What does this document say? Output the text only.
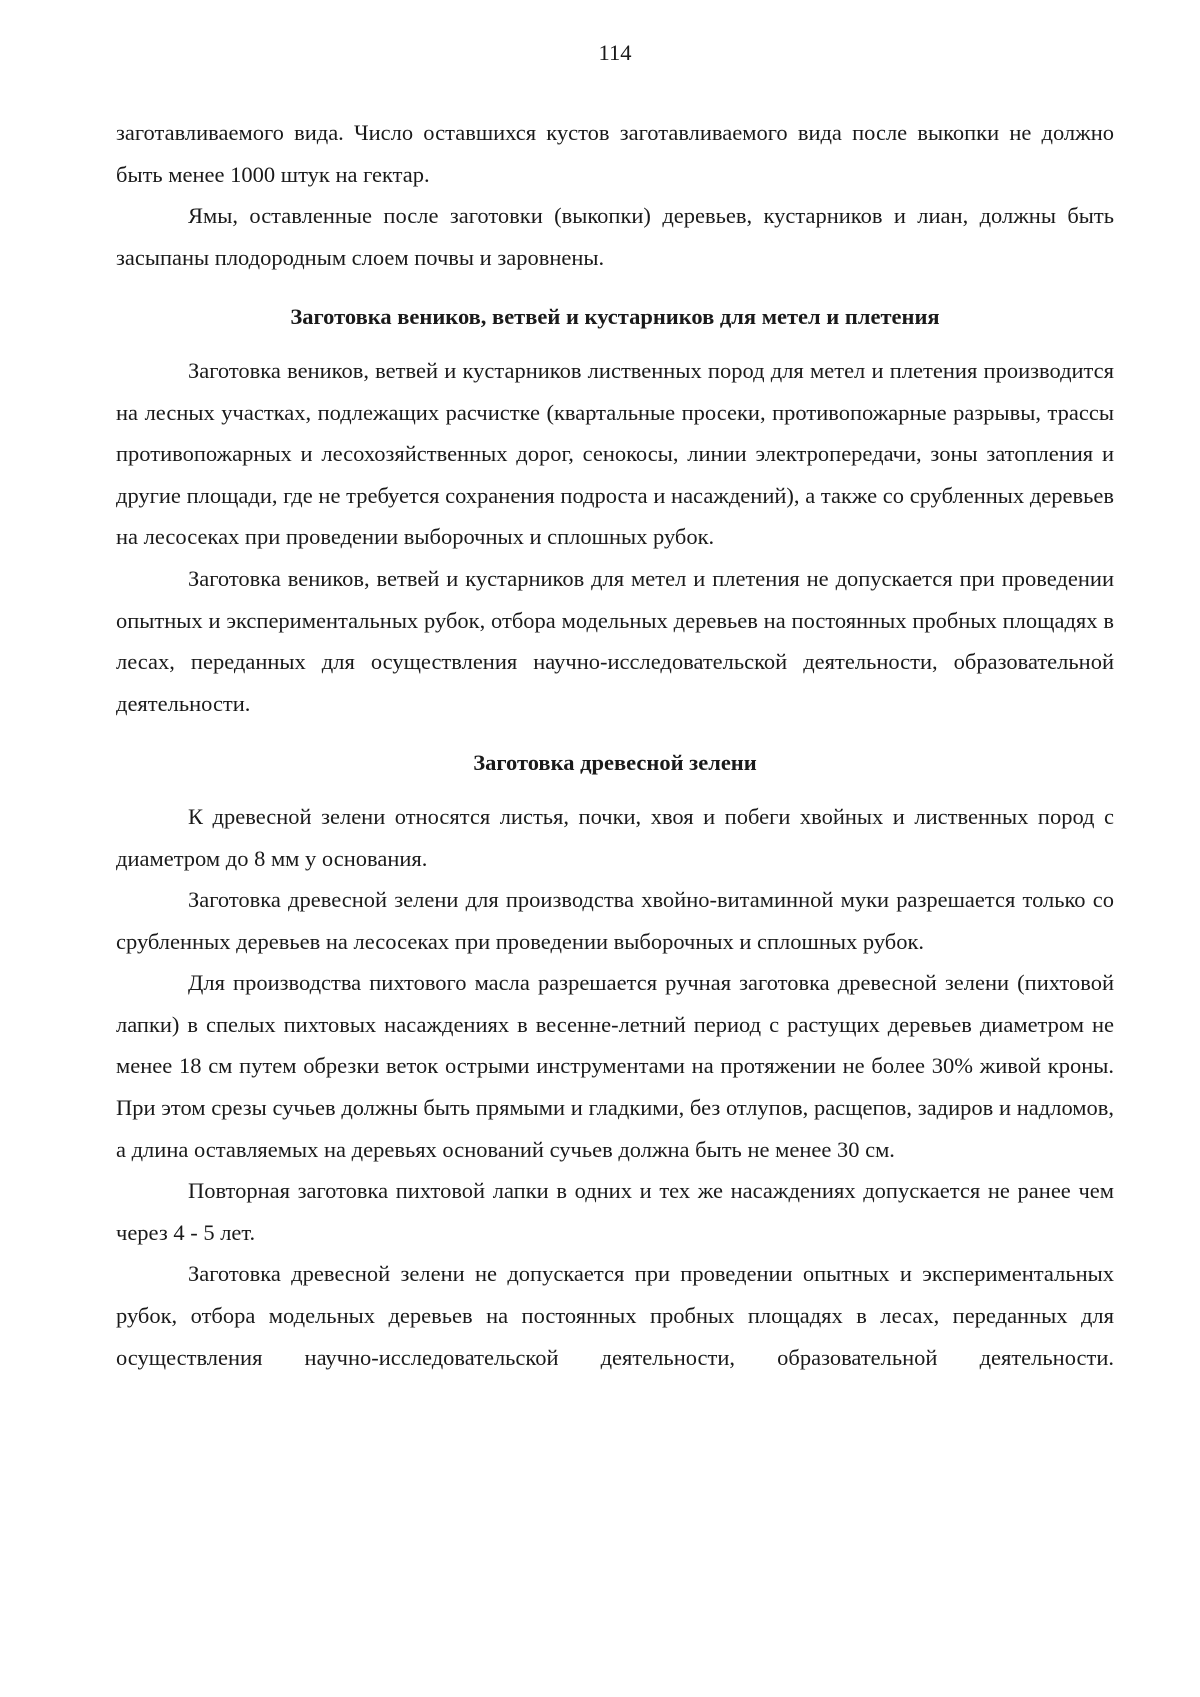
114

заготавливаемого вида. Число оставшихся кустов заготавливаемого вида после выкопки не должно быть менее 1000 штук на гектар.

Ямы, оставленные после заготовки (выкопки) деревьев, кустарников и лиан, должны быть засыпаны плодородным слоем почвы и заровнены.

Заготовка веников, ветвей и кустарников для метел и плетения

Заготовка веников, ветвей и кустарников лиственных пород для метел и плетения производится на лесных участках, подлежащих расчистке (квартальные просеки, противопожарные разрывы, трассы противопожарных и лесохозяйственных дорог, сенокосы, линии электропередачи, зоны затопления и другие площади, где не требуется сохранения подроста и насаждений), а также со срубленных деревьев на лесосеках при проведении выборочных и сплошных рубок.

Заготовка веников, ветвей и кустарников для метел и плетения не допускается при проведении опытных и экспериментальных рубок, отбора модельных деревьев на постоянных пробных площадях в лесах, переданных для осуществления научно-исследовательской деятельности, образовательной деятельности.

Заготовка древесной зелени

К древесной зелени относятся листья, почки, хвоя и побеги хвойных и лиственных пород с диаметром до 8 мм у основания.

Заготовка древесной зелени для производства хвойно-витаминной муки разрешается только со срубленных деревьев на лесосеках при проведении выборочных и сплошных рубок.

Для производства пихтового масла разрешается ручная заготовка древесной зелени (пихтовой лапки) в спелых пихтовых насаждениях в весенне-летний период с растущих деревьев диаметром не менее 18 см путем обрезки веток острыми инструментами на протяжении не более 30% живой кроны. При этом срезы сучьев должны быть прямыми и гладкими, без отлупов, расщепов, задиров и надломов, а длина оставляемых на деревьях оснований сучьев должна быть не менее 30 см.

Повторная заготовка пихтовой лапки в одних и тех же насаждениях допускается не ранее чем через 4 - 5 лет.

Заготовка древесной зелени не допускается при проведении опытных и экспериментальных рубок, отбора модельных деревьев на постоянных пробных площадях в лесах, переданных для осуществления научно-исследовательской деятельности, образовательной деятельности.
